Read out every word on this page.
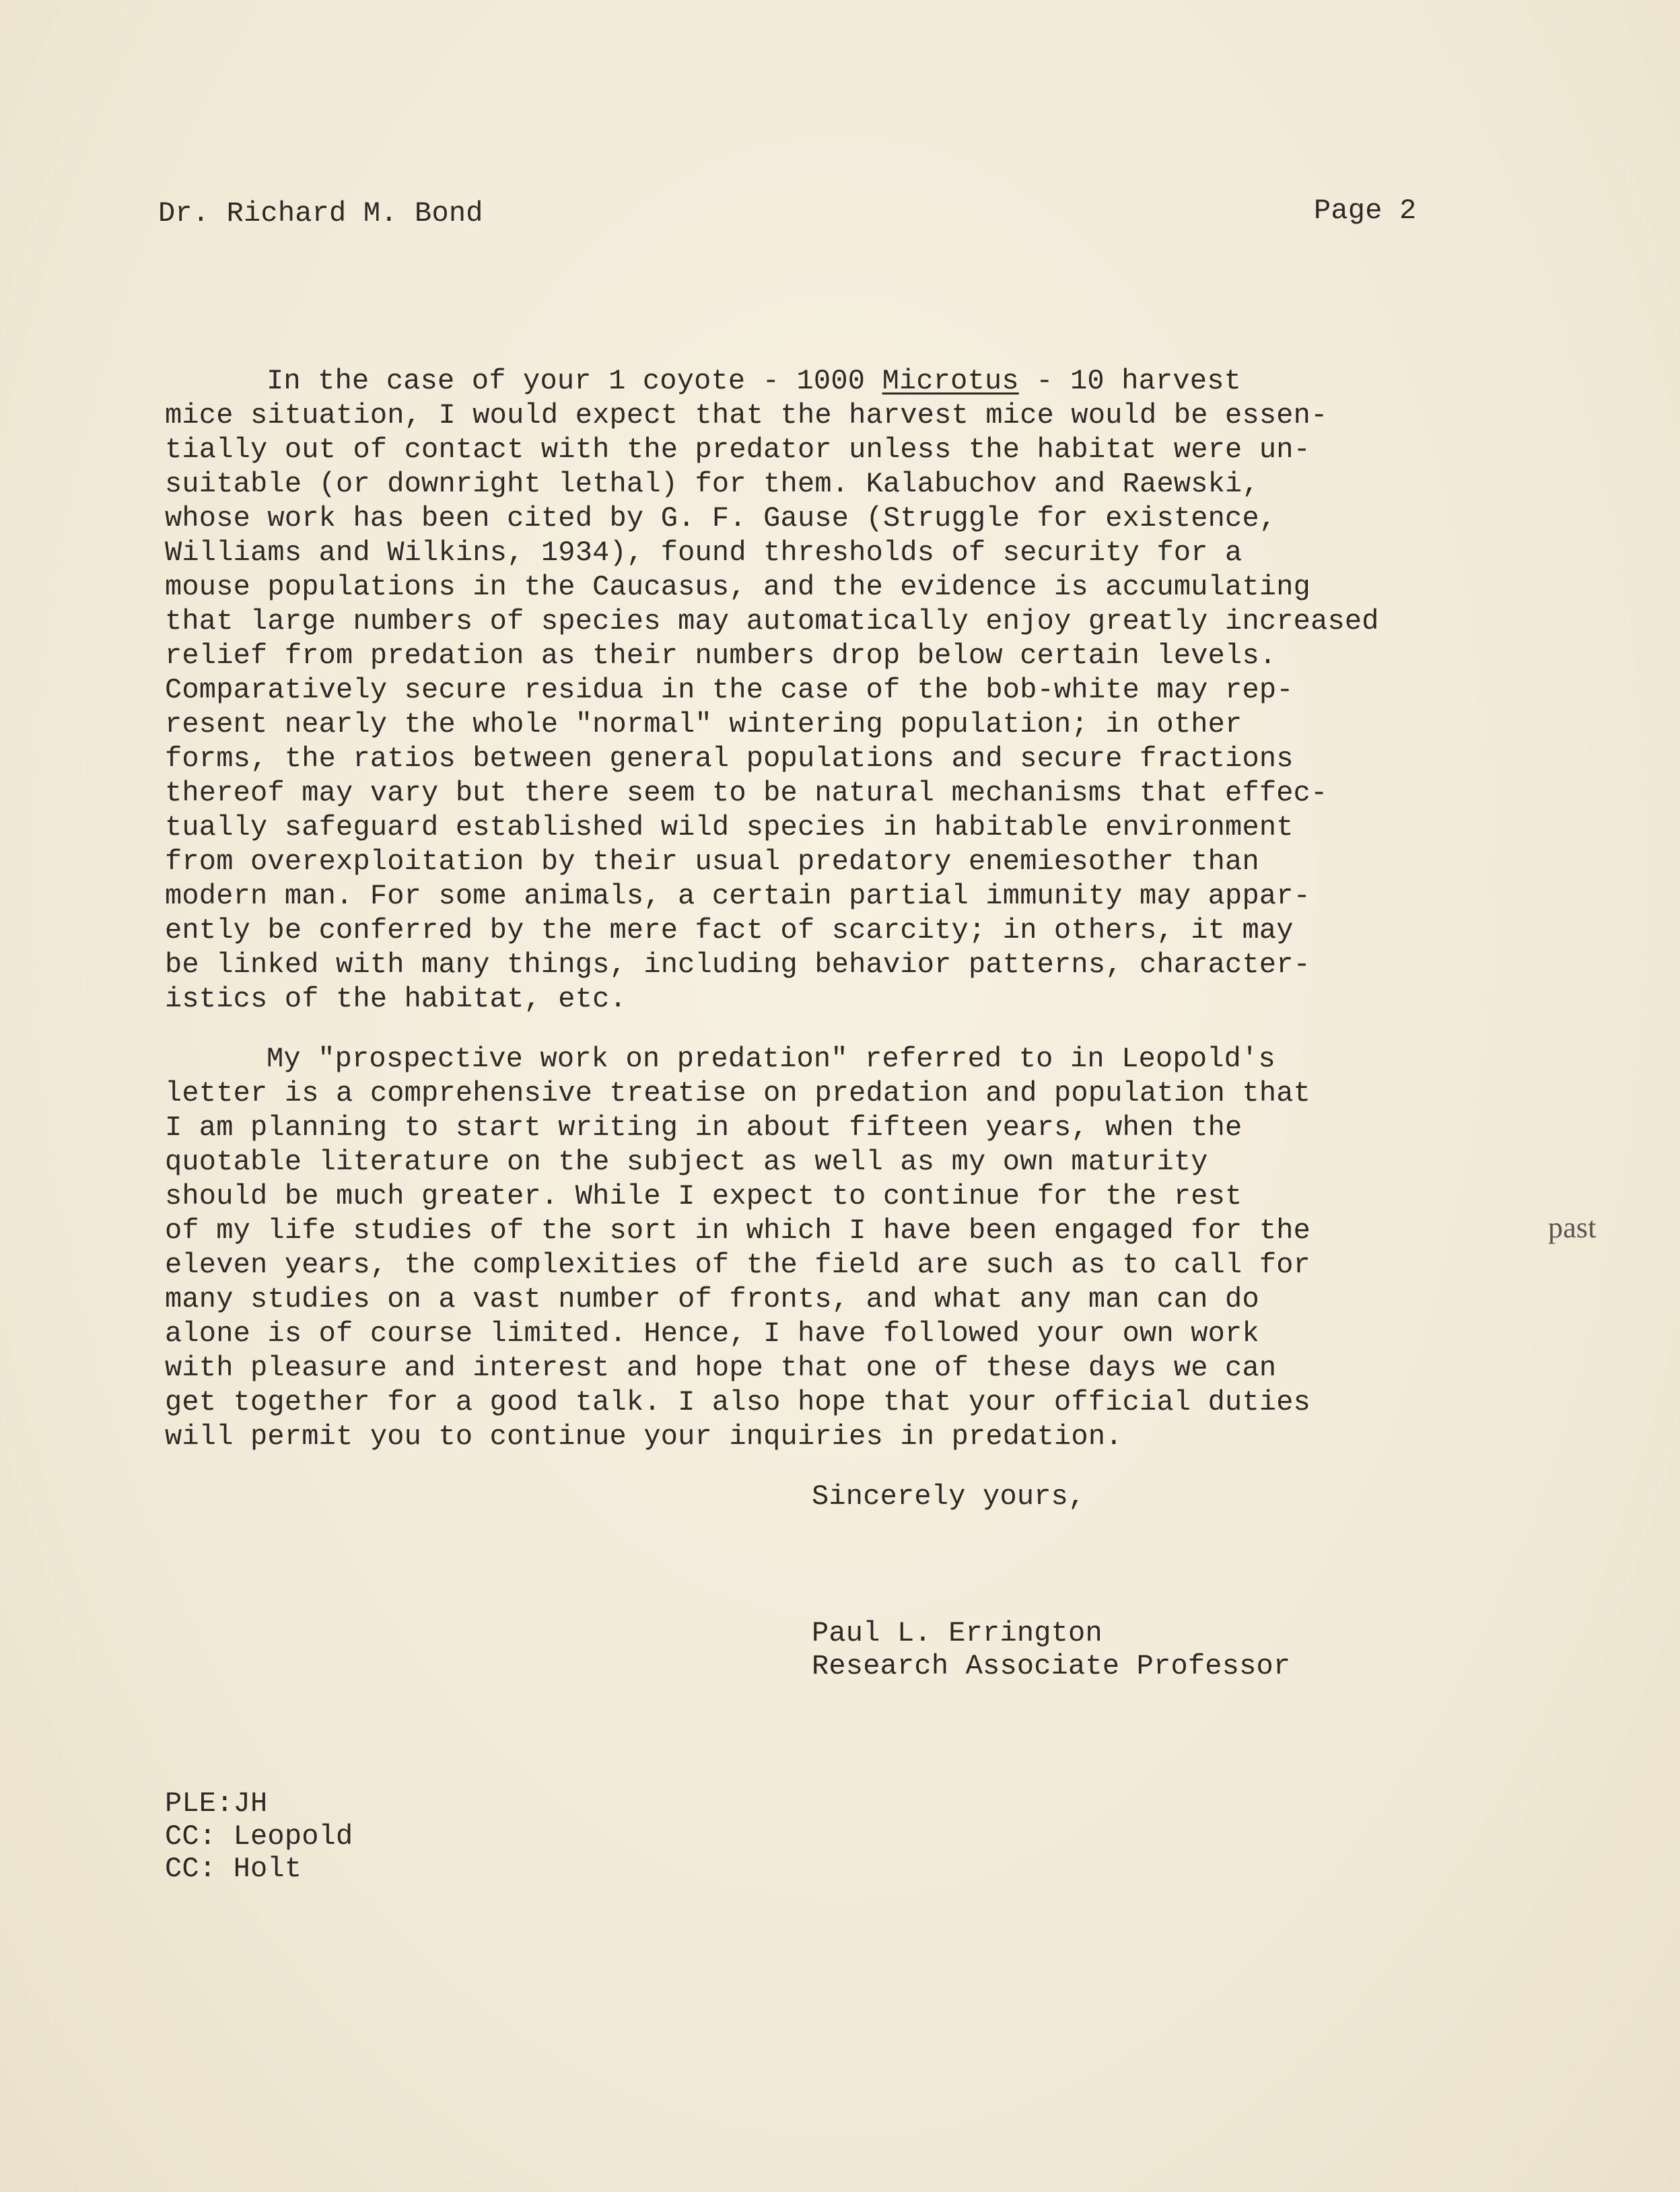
Dr. Richard M. Bond	Page 2
In the case of your 1 coyote - 1000 Microtus - 10 harvest
mice situation, I would expect that the harvest mice would be essen-
tially out of contact with the predator unless the habitat were un-
suitable (or downright lethal) for them. Kalabuchov and Raewski,
whose work has been cited by G. F. Gause (Struggle for existence,
Williams and Wilkins, 1934), found thresholds of security for a
mouse populations in the Caucasus, and the evidence is accumulating
that large numbers of species may automatically enjoy greatly increased
relief from predation as their numbers drop below certain levels.
Comparatively secure residua in the case of the bob-white may rep-
resent nearly the whole "normal" wintering population; in other
forms, the ratios between general populations and secure fractions
thereof may vary but there seem to be natural mechanisms that effec-
tually safeguard established wild species in habitable environment
from overexploitation by their usual predatory enemiesother than
modern man. For some animals, a certain partial immunity may appar-
ently be conferred by the mere fact of scarcity; in others, it may
be linked with many things, including behavior patterns, character-
istics of the habitat, etc.
My "prospective work on predation" referred to in Leopold's
letter is a comprehensive treatise on predation and population that
I am planning to start writing in about fifteen years, when the
quotable literature on the subject as well as my own maturity
should be much greater. While I expect to continue for the rest
of my life studies of the sort in which I have been engaged for the	past
eleven years, the complexities of the field are such as to call for
many studies on a vast number of fronts, and what any man can do
alone is of course limited. Hence, I have followed your own work
with pleasure and interest and hope that one of these days we can
get together for a good talk. I also hope that your official duties
will permit you to continue your inquiries in predation.
Sincerely yours,
Paul L. Errington
Research Associate Professor
PLE:JH
CC: Leopold
CC: Holt
